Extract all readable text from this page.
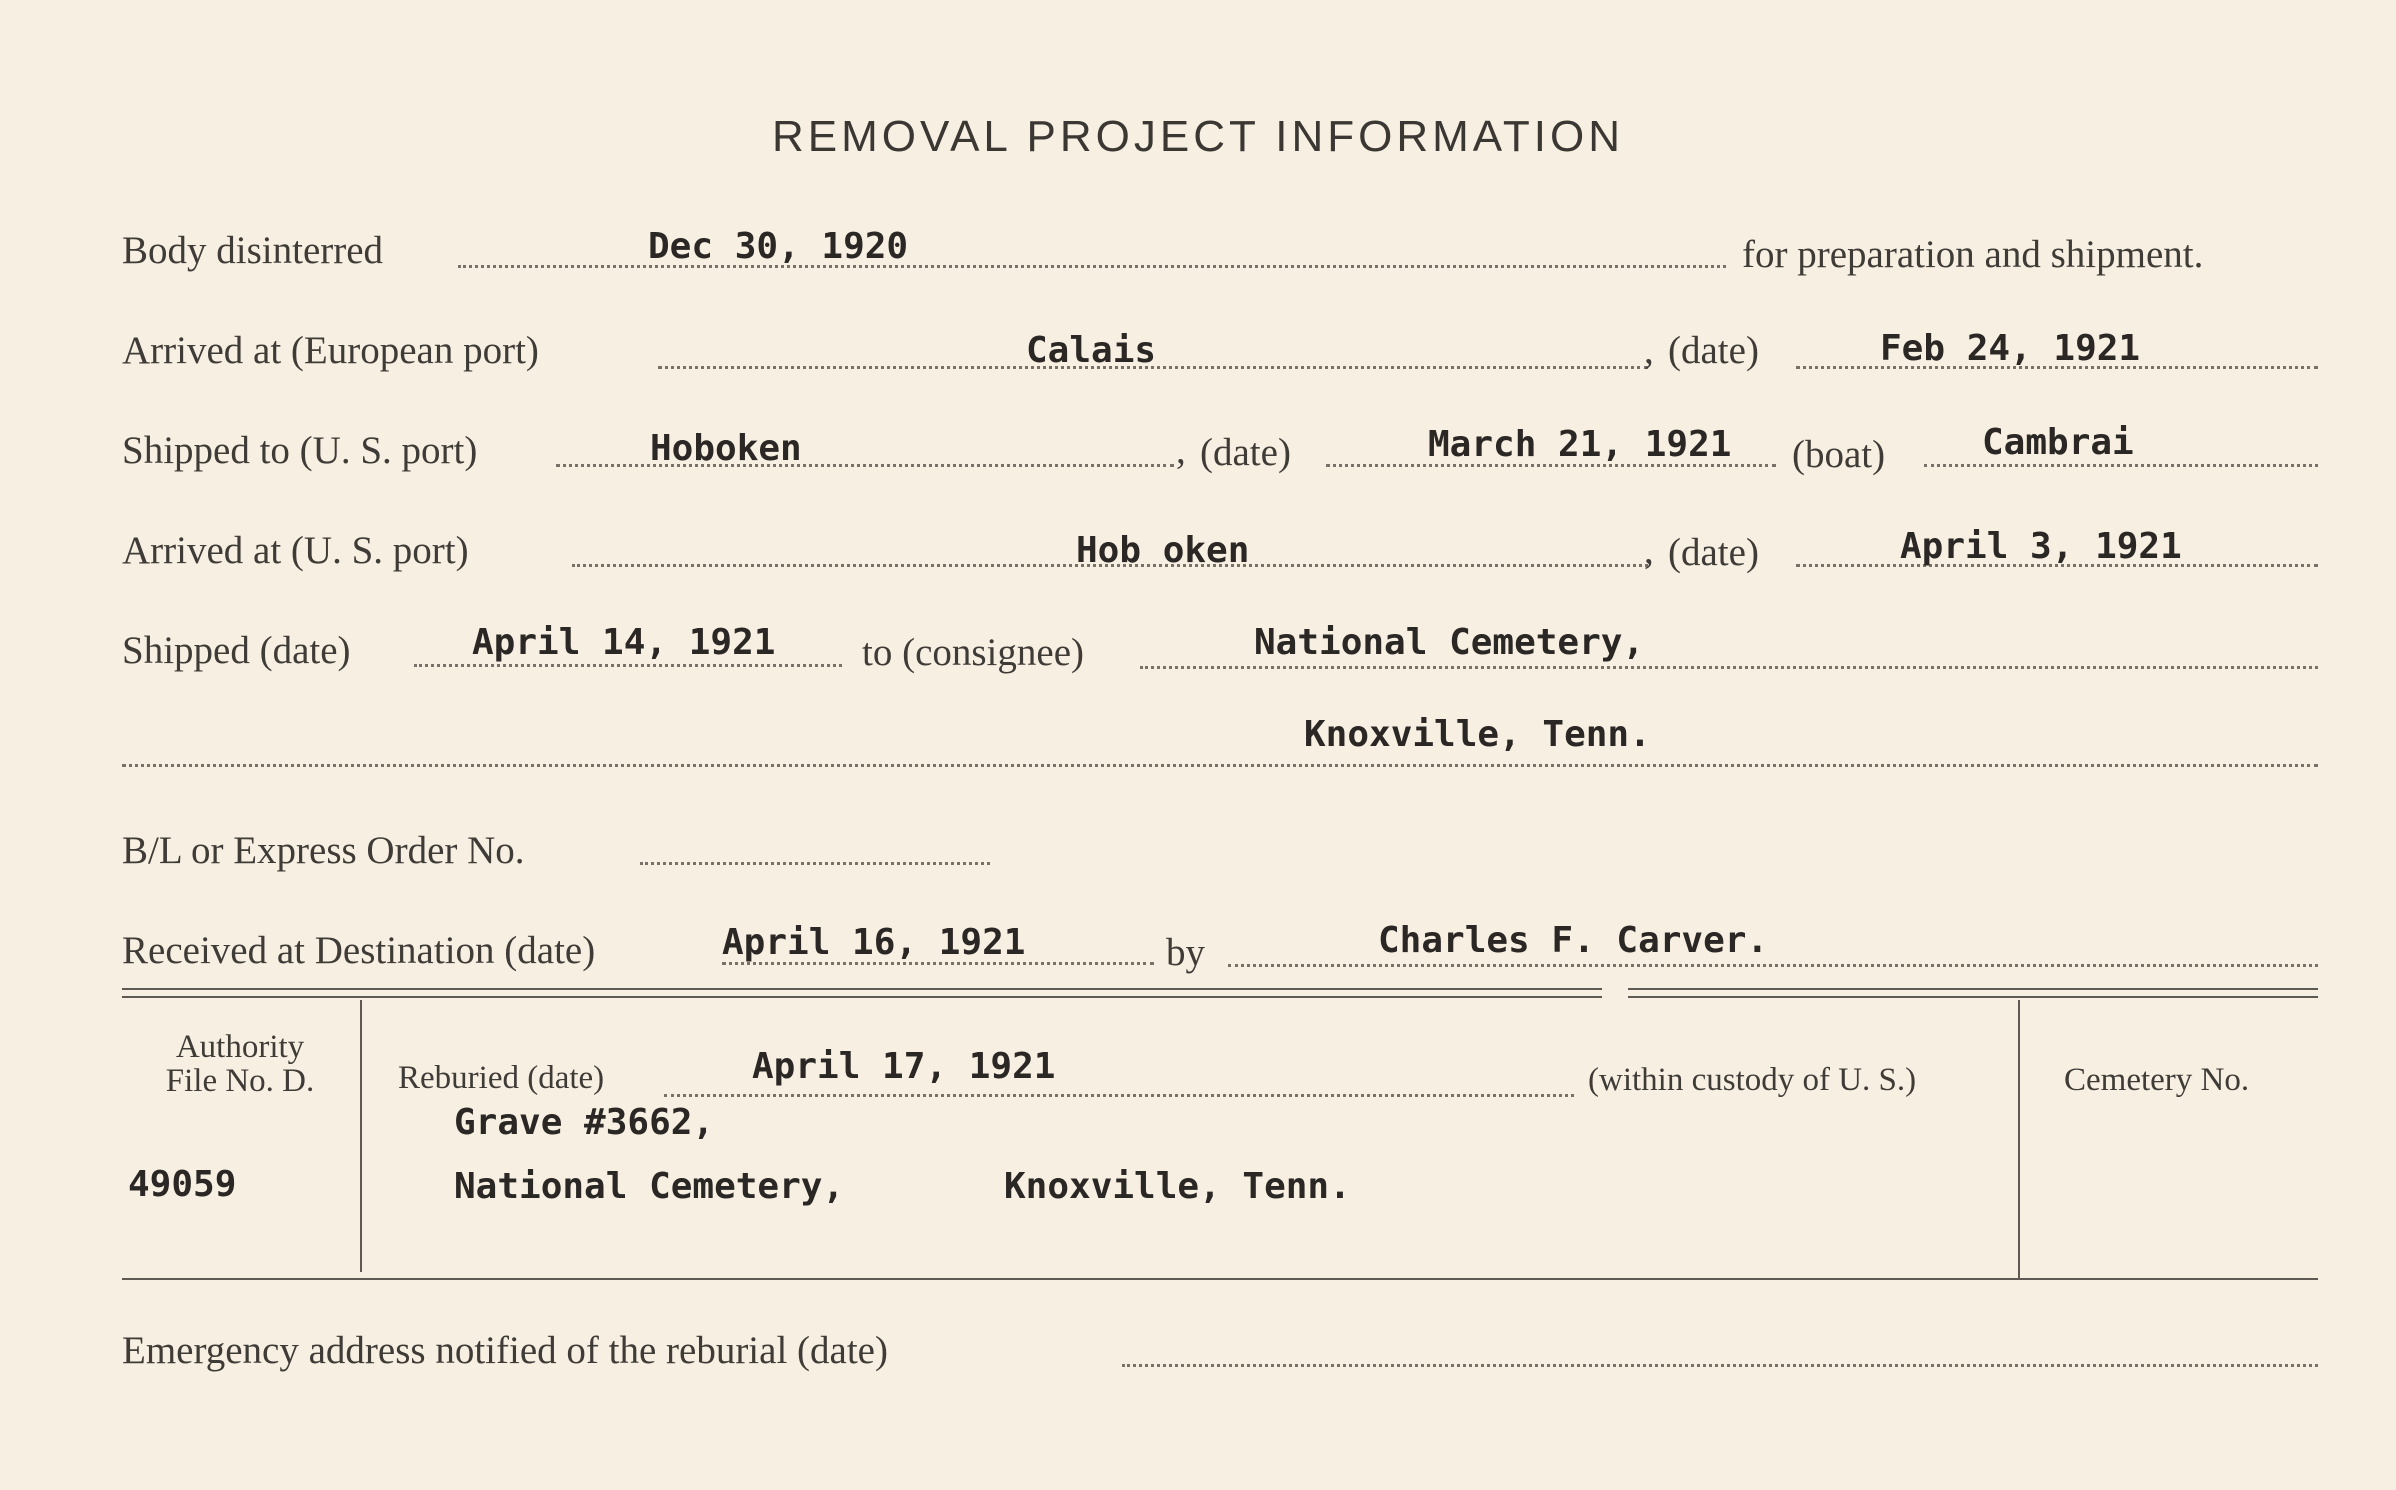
REMOVAL PROJECT INFORMATION
Body disinterred	Dec 30, 1920	for preparation and shipment.
Arrived at (European port)	Calais	, (date)	Feb 24, 1921
Shipped to (U. S. port)	Hoboken	, (date)	March 21, 1921 (boat)	Cambrai
Arrived at (U. S. port)	Hob oken	, (date)	April 3, 1921
Shipped (date)	April 14, 1921 to (consignee)	National Cemetery,
Knoxville, Tenn.
B/L or Express Order No.
Received at Destination (date)	April 16, 1921	by	Charles F. Carver.
Authority
File No. D.
49059
Reburied (date)	April 17, 1921	(within custody of U. S.)
Grave #3662,
National Cemetery,	Knoxville, Tenn.
Cemetery No.
Emergency address notified of the reburial (date)
